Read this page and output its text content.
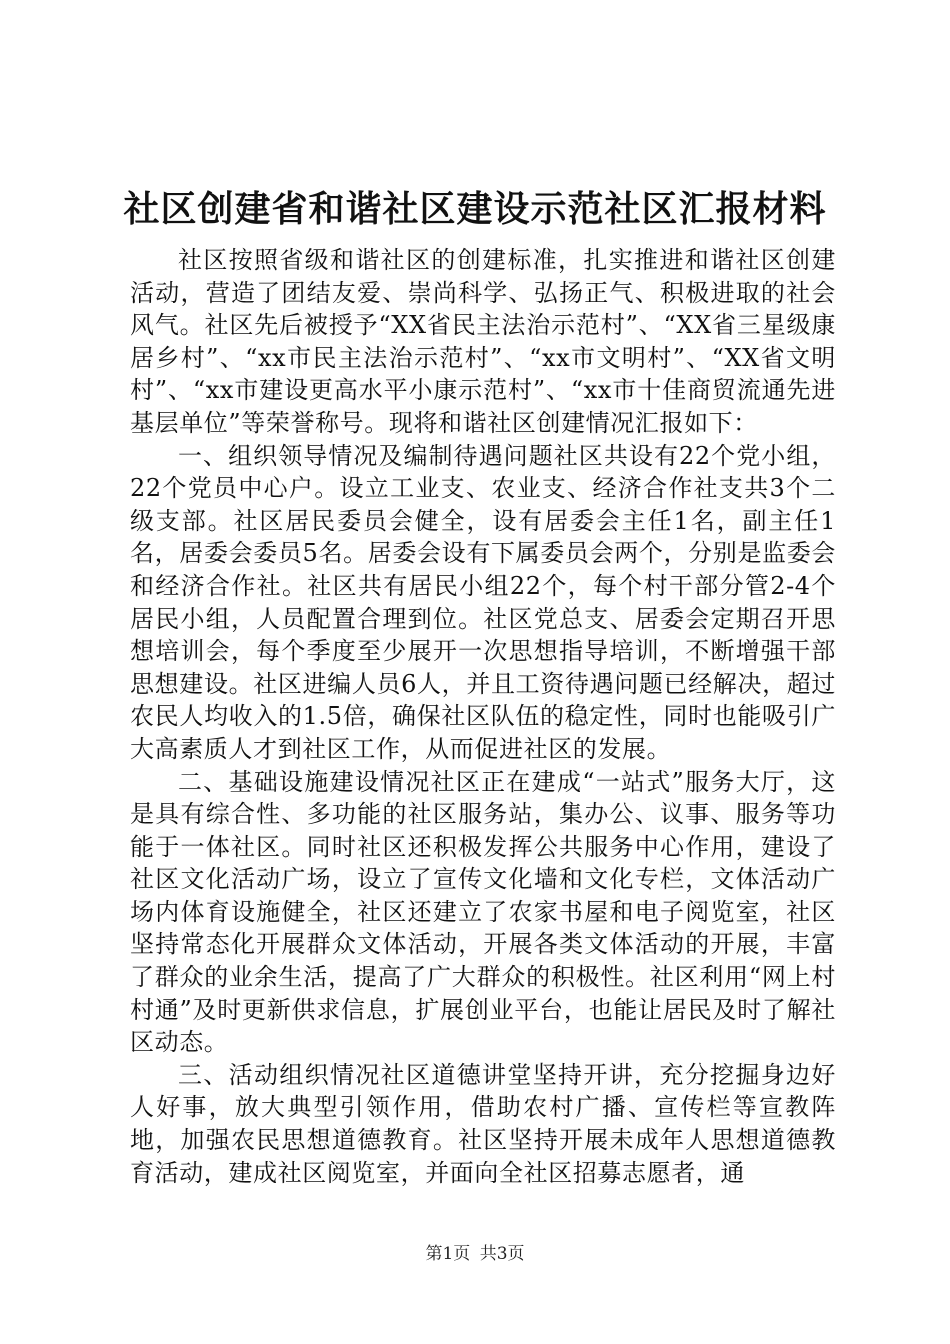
社区创建省和谐社区建设示范社区汇报材料

社区按照省级和谐社区的创建标准，扎实推进和谐社区创建活动，营造了团结友爱、崇尚科学、弘扬正气、积极进取的社会风气。社区先后被授予“XX省民主法治示范村”、“XX省三星级康居乡村”、“xx市民主法治示范村”、“xx市文明村”、“XX省文明村”、“xx市建设更高水平小康示范村”、“xx市十佳商贸流通先进基层单位”等荣誉称号。现将和谐社区创建情况汇报如下：

一、组织领导情况及编制待遇问题社区共设有22个党小组，22个党员中心户。设立工业支、农业支、经济合作社支共3个二级支部。社区居民委员会健全，设有居委会主任1名，副主任1名，居委会委员5名。居委会设有下属委员会两个，分别是监委会和经济合作社。社区共有居民小组22个，每个村干部分管2-4个居民小组，人员配置合理到位。社区党总支、居委会定期召开思想培训会，每个季度至少展开一次思想指导培训，不断增强干部思想建设。社区进编人员6人，并且工资待遇问题已经解决，超过农民人均收入的1.5倍，确保社区队伍的稳定性，同时也能吸引广大高素质人才到社区工作，从而促进社区的发展。

二、基础设施建设情况社区正在建成“一站式”服务大厅，这是具有综合性、多功能的社区服务站，集办公、议事、服务等功能于一体社区。同时社区还积极发挥公共服务中心作用，建设了社区文化活动广场，设立了宣传文化墙和文化专栏，文体活动广场内体育设施健全，社区还建立了农家书屋和电子阅览室，社区坚持常态化开展群众文体活动，开展各类文体活动的开展，丰富了群众的业余生活，提高了广大群众的积极性。社区利用“网上村村通”及时更新供求信息，扩展创业平台，也能让居民及时了解社区动态。

三、活动组织情况社区道德讲堂坚持开讲，充分挖掘身边好人好事，放大典型引领作用，借助农村广播、宣传栏等宣教阵地，加强农民思想道德教育。社区坚持开展未成年人思想道德教育活动，建成社区阅览室，并面向全社区招募志愿者，通

第1页 共3页
